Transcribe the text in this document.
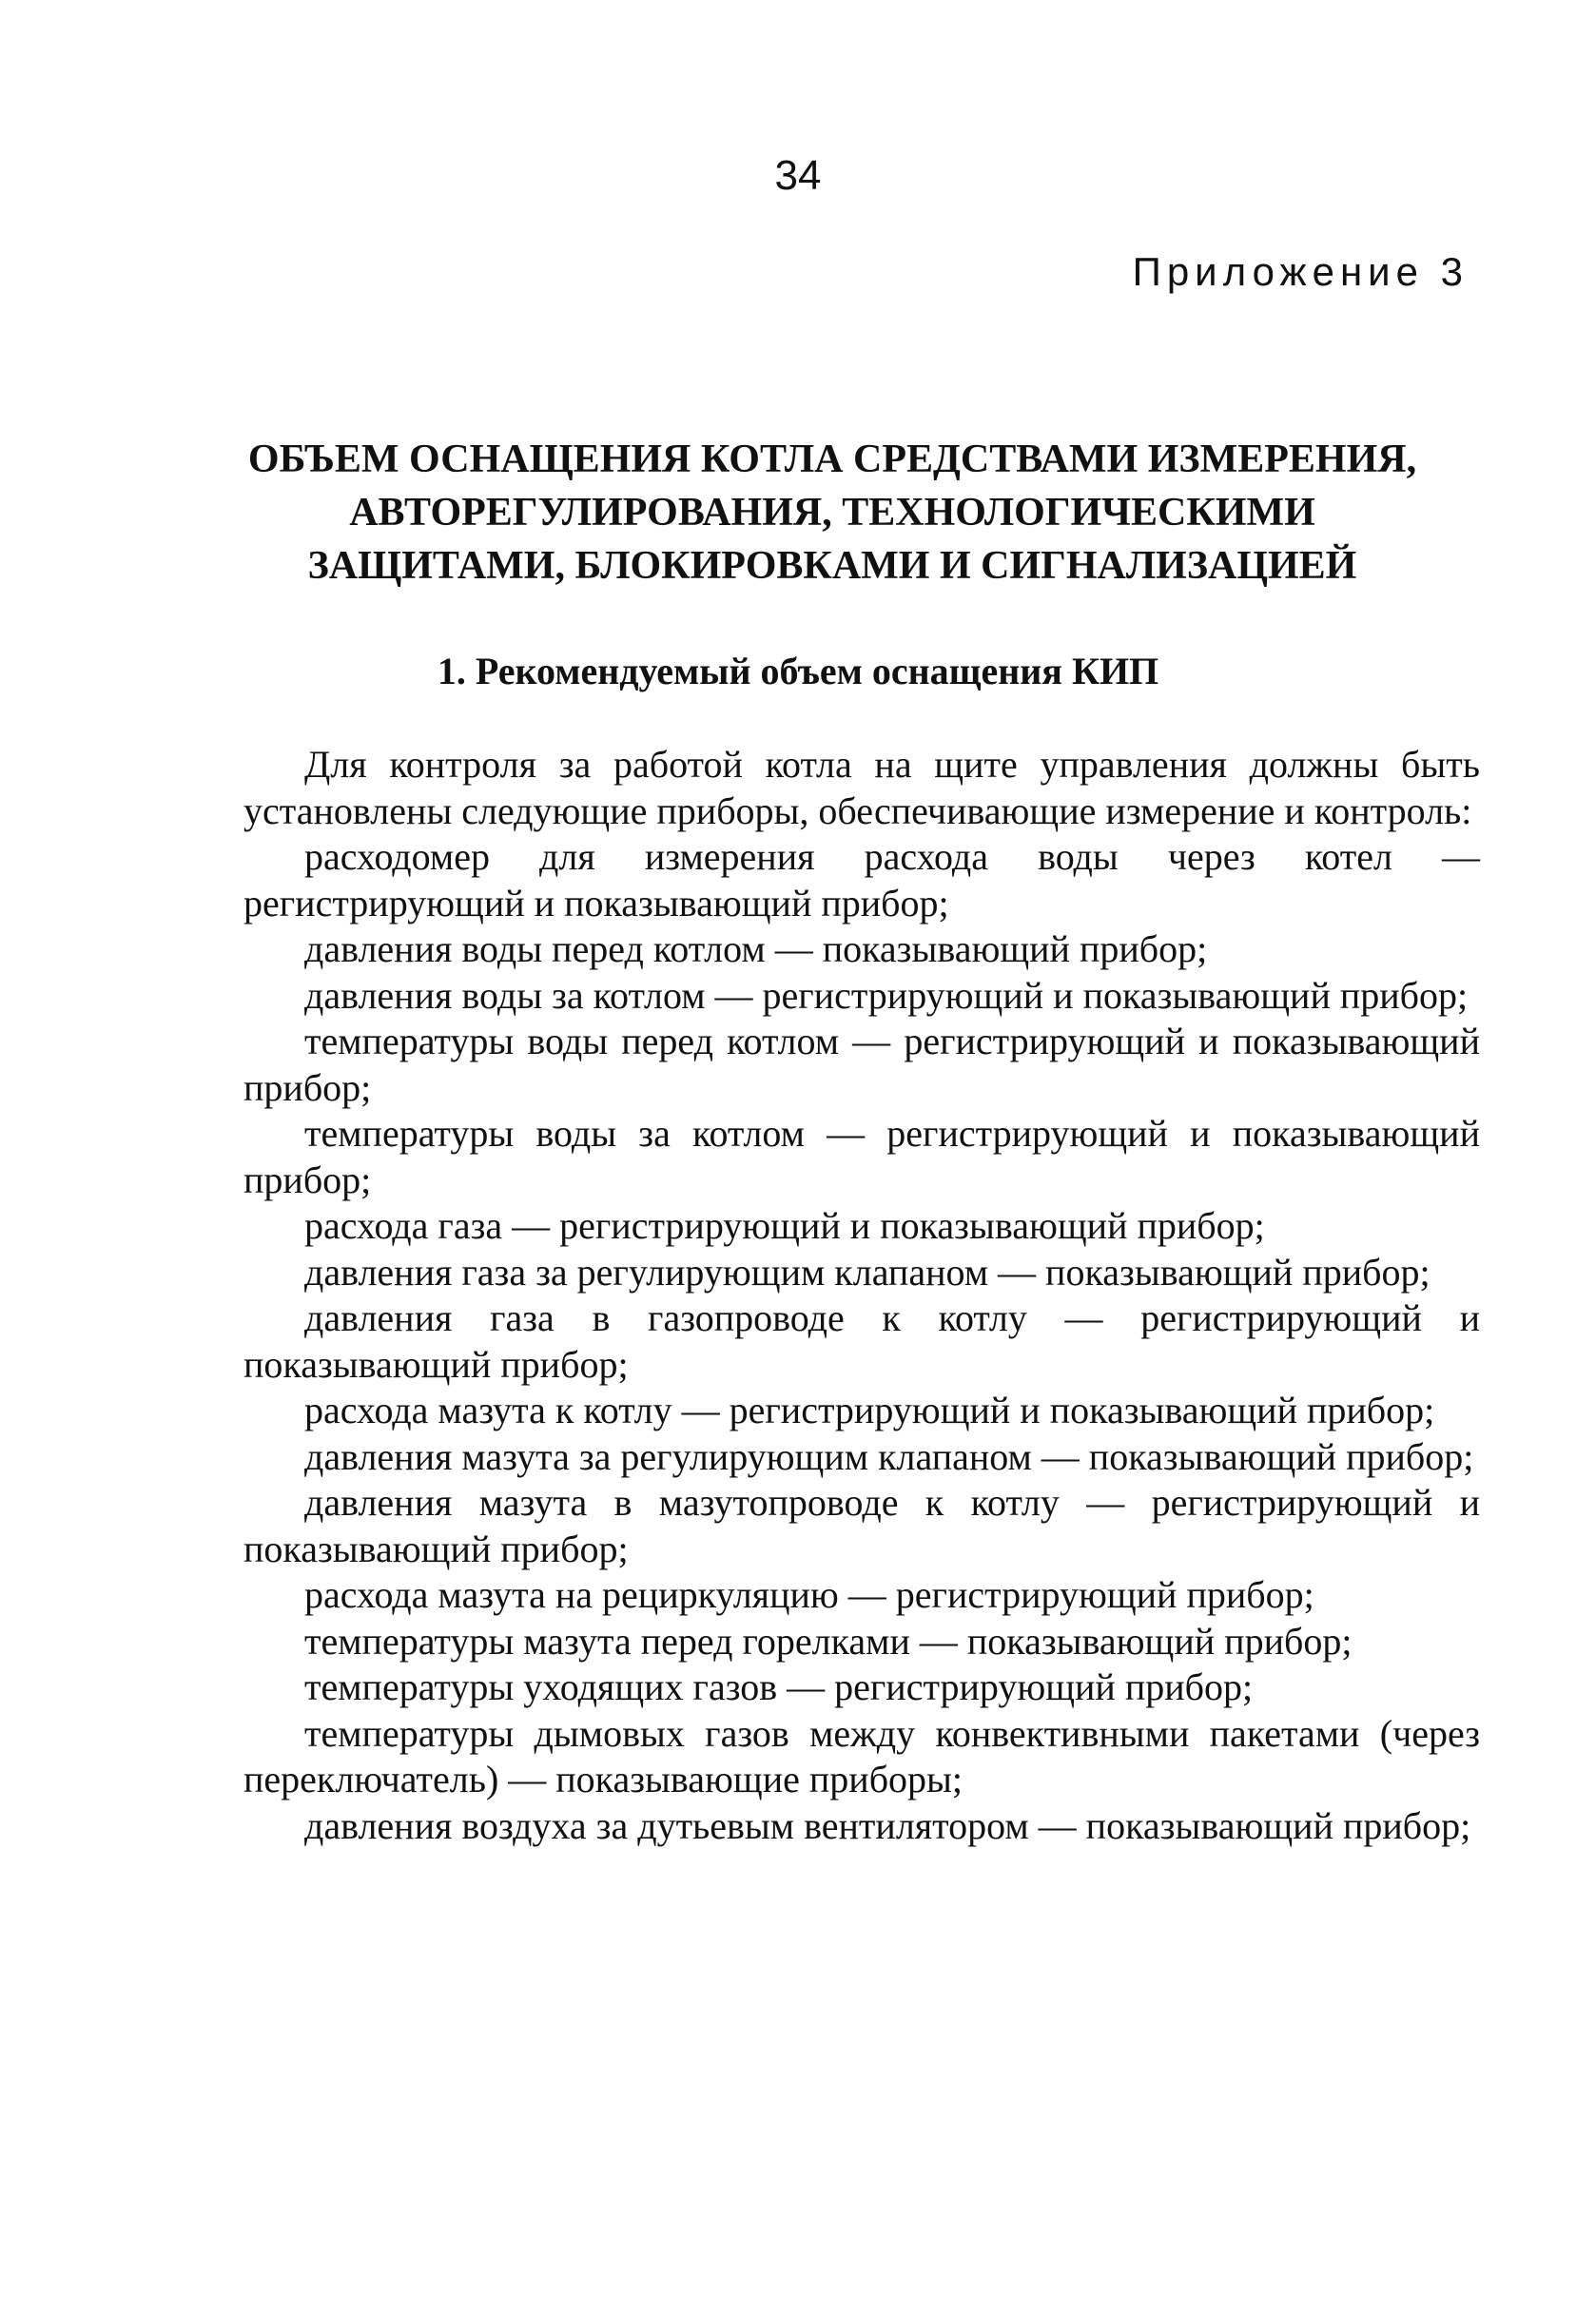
34
Приложение 3
ОБЪЕМ ОСНАЩЕНИЯ КОТЛА СРЕДСТВАМИ ИЗМЕРЕНИЯ,
АВТОРЕГУЛИРОВАНИЯ, ТЕХНОЛОГИЧЕСКИМИ
ЗАЩИТАМИ, БЛОКИРОВКАМИ И СИГНАЛИЗАЦИЕЙ
1. Рекомендуемый объем оснащения КИП

Для контроля за работой котла на щите управления должны быть установлены следующие приборы, обеспечивающие измерение и контроль:

расходомер для измерения расхода воды через котел — регистрирующий и показывающий прибор;

давления воды перед котлом — показывающий прибор;

давления воды за котлом — регистрирующий и показывающий прибор;

температуры воды перед котлом — регистрирующий и показывающий прибор;

температуры воды за котлом — регистрирующий и показывающий прибор;

расхода газа — регистрирующий и показывающий прибор;

давления газа за регулирующим клапаном — показывающий прибор;

давления газа в газопроводе к котлу — регистрирующий и показывающий прибор;

расхода мазута к котлу — регистрирующий и показывающий прибор;

давления мазута за регулирующим клапаном — показывающий прибор;

давления мазута в мазутопроводе к котлу — регистрирующий и показывающий прибор;

расхода мазута на рециркуляцию — регистрирующий прибор;

температуры мазута перед горелками — показывающий прибор;

температуры уходящих газов — регистрирующий прибор;

температуры дымовых газов между конвективными пакетами (через переключатель) — показывающие приборы;

давления воздуха за дутьевым вентилятором — показывающий прибор;
